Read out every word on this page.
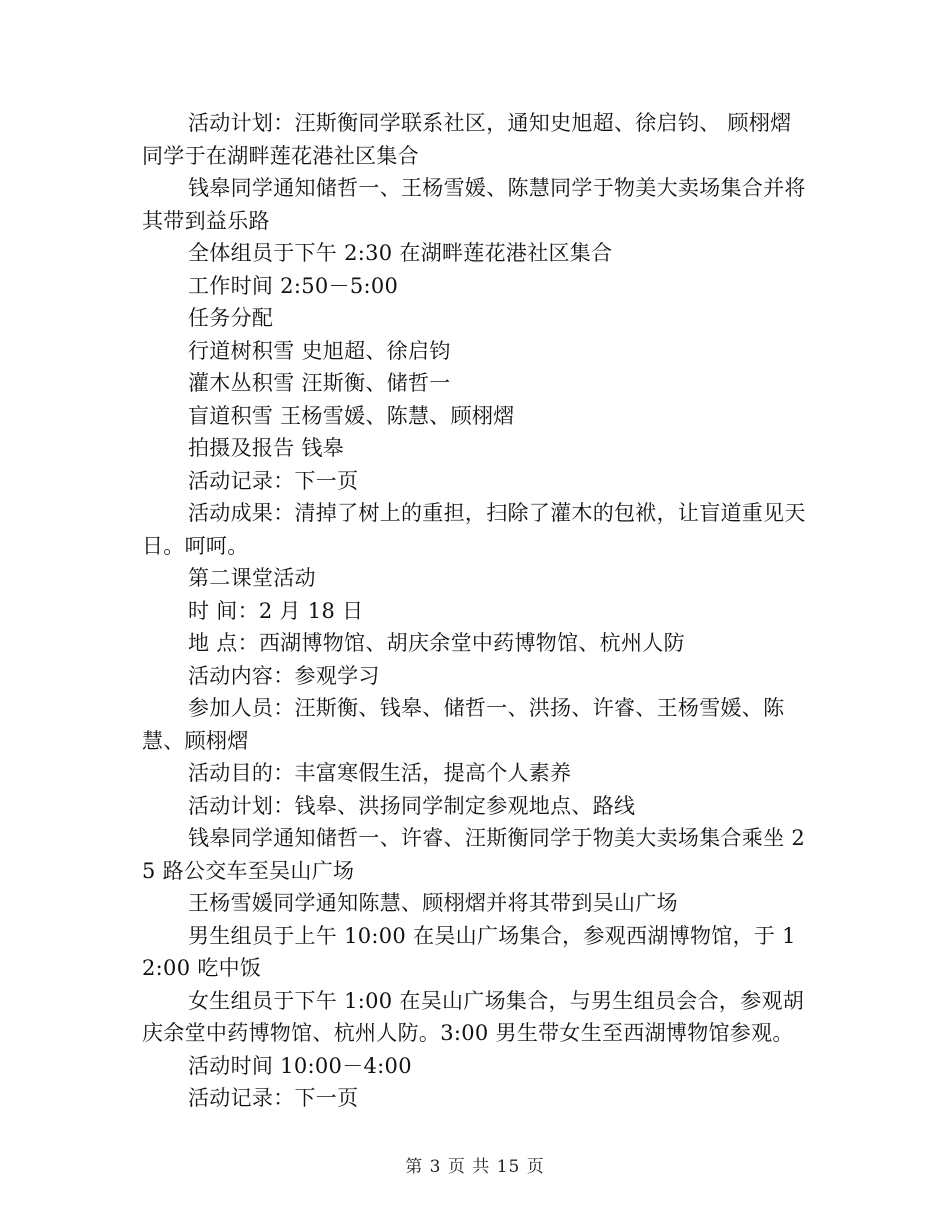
活动计划：汪斯衡同学联系社区，通知史旭超、徐启钧、 顾栩熠同学于在湖畔莲花港社区集合

钱皋同学通知储哲一、王杨雪媛、陈慧同学于物美大卖场集合并将其带到益乐路

全体组员于下午 2:30 在湖畔莲花港社区集合

工作时间 2:50－5:00

任务分配

行道树积雪 史旭超、徐启钧

灌木丛积雪 汪斯衡、储哲一

盲道积雪 王杨雪媛、陈慧、顾栩熠

拍摄及报告 钱皋

活动记录：下一页

活动成果：清掉了树上的重担，扫除了灌木的包袱，让盲道重见天日。呵呵。

第二课堂活动

时 间：2 月 18 日

地 点：西湖博物馆、胡庆余堂中药博物馆、杭州人防

活动内容：参观学习

参加人员：汪斯衡、钱皋、储哲一、洪扬、许睿、王杨雪媛、陈慧、顾栩熠

活动目的：丰富寒假生活，提高个人素养

活动计划：钱皋、洪扬同学制定参观地点、路线

钱皋同学通知储哲一、许睿、汪斯衡同学于物美大卖场集合乘坐 25 路公交车至吴山广场

王杨雪媛同学通知陈慧、顾栩熠并将其带到吴山广场

男生组员于上午 10:00 在吴山广场集合，参观西湖博物馆，于 12:00 吃中饭

女生组员于下午 1:00 在吴山广场集合，与男生组员会合，参观胡庆余堂中药博物馆、杭州人防。3:00 男生带女生至西湖博物馆参观。

活动时间 10:00－4:00

活动记录：下一页

第 3 页 共 15 页
